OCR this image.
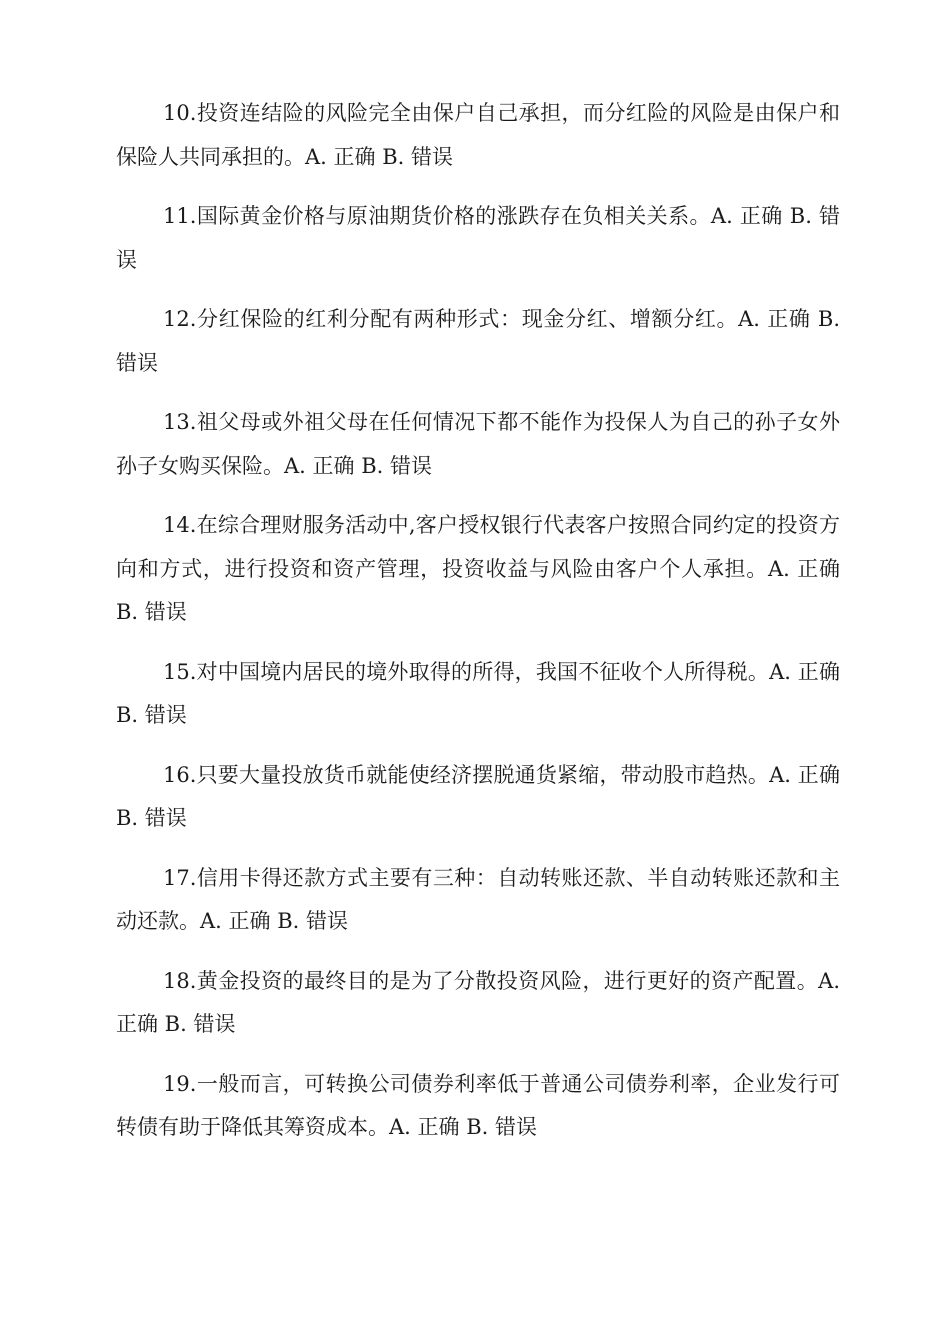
10.投资连结险的风险完全由保户自己承担，而分红险的风险是由保户和保险人共同承担的。A. 正确 B. 错误
11.国际黄金价格与原油期货价格的涨跌存在负相关关系。A. 正确 B. 错误
12.分红保险的红利分配有两种形式：现金分红、增额分红。A. 正确 B. 错误
13.祖父母或外祖父母在任何情况下都不能作为投保人为自己的孙子女外孙子女购买保险。A. 正确 B. 错误
14.在综合理财服务活动中,客户授权银行代表客户按照合同约定的投资方向和方式，进行投资和资产管理，投资收益与风险由客户个人承担。A. 正确 B. 错误
15.对中国境内居民的境外取得的所得，我国不征收个人所得税。A. 正确 B. 错误
16.只要大量投放货币就能使经济摆脱通货紧缩，带动股市趋热。A. 正确 B. 错误
17.信用卡得还款方式主要有三种：自动转账还款、半自动转账还款和主动还款。A. 正确 B. 错误
18.黄金投资的最终目的是为了分散投资风险，进行更好的资产配置。A. 正确 B. 错误
19.一般而言，可转换公司债券利率低于普通公司债券利率，企业发行可转债有助于降低其筹资成本。A. 正确 B. 错误
